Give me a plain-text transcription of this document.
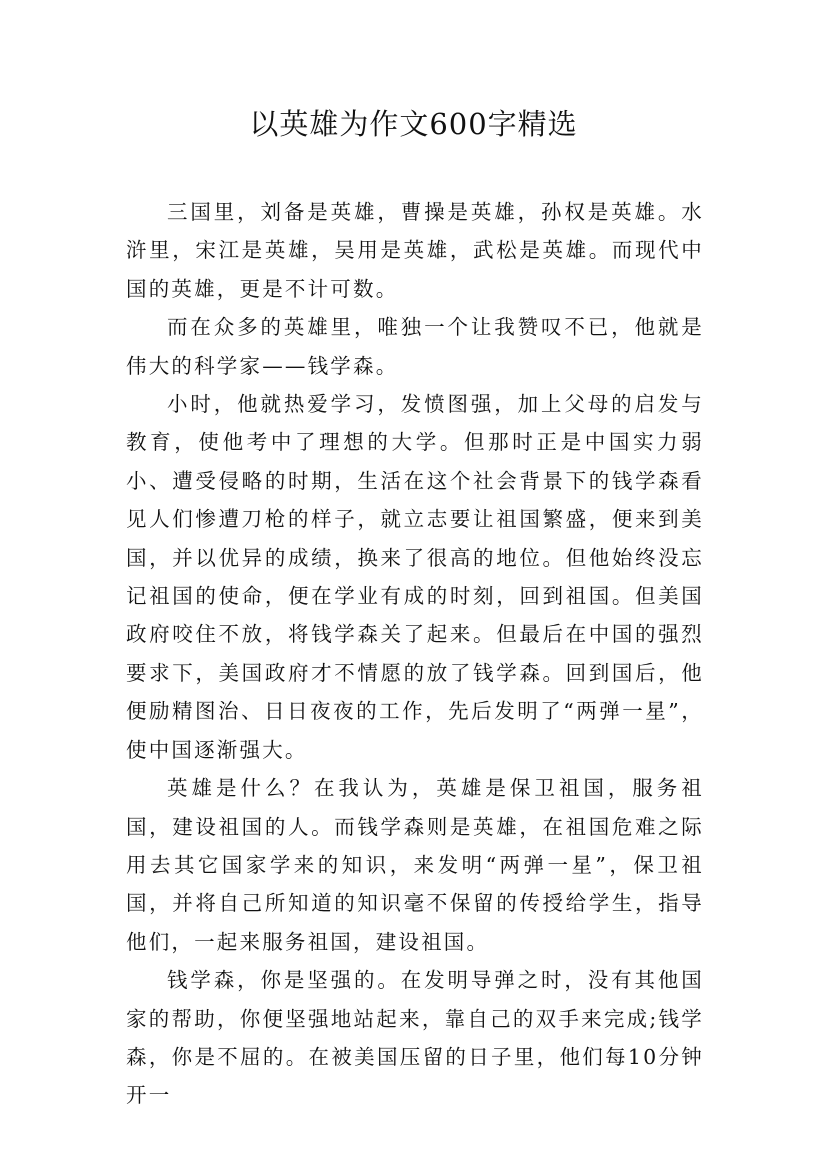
以英雄为作文600字精选

三国里，刘备是英雄，曹操是英雄，孙权是英雄。水浒里，宋江是英雄，吴用是英雄，武松是英雄。而现代中国的英雄，更是不计可数。

而在众多的英雄里，唯独一个让我赞叹不已，他就是伟大的科学家——钱学森。

小时，他就热爱学习，发愤图强，加上父母的启发与教育，使他考中了理想的大学。但那时正是中国实力弱小、遭受侵略的时期，生活在这个社会背景下的钱学森看见人们惨遭刀枪的样子，就立志要让祖国繁盛，便来到美国，并以优异的成绩，换来了很高的地位。但他始终没忘记祖国的使命，便在学业有成的时刻，回到祖国。但美国政府咬住不放，将钱学森关了起来。但最后在中国的强烈要求下，美国政府才不情愿的放了钱学森。回到国后，他便励精图治、日日夜夜的工作，先后发明了“两弹一星”，使中国逐渐强大。

英雄是什么？在我认为，英雄是保卫祖国，服务祖国，建设祖国的人。而钱学森则是英雄，在祖国危难之际用去其它国家学来的知识，来发明“两弹一星”，保卫祖国，并将自己所知道的知识毫不保留的传授给学生，指导他们，一起来服务祖国，建设祖国。

钱学森，你是坚强的。在发明导弹之时，没有其他国家的帮助，你便坚强地站起来，靠自己的双手来完成;钱学森，你是不屈的。在被美国压留的日子里，他们每10分钟开一
